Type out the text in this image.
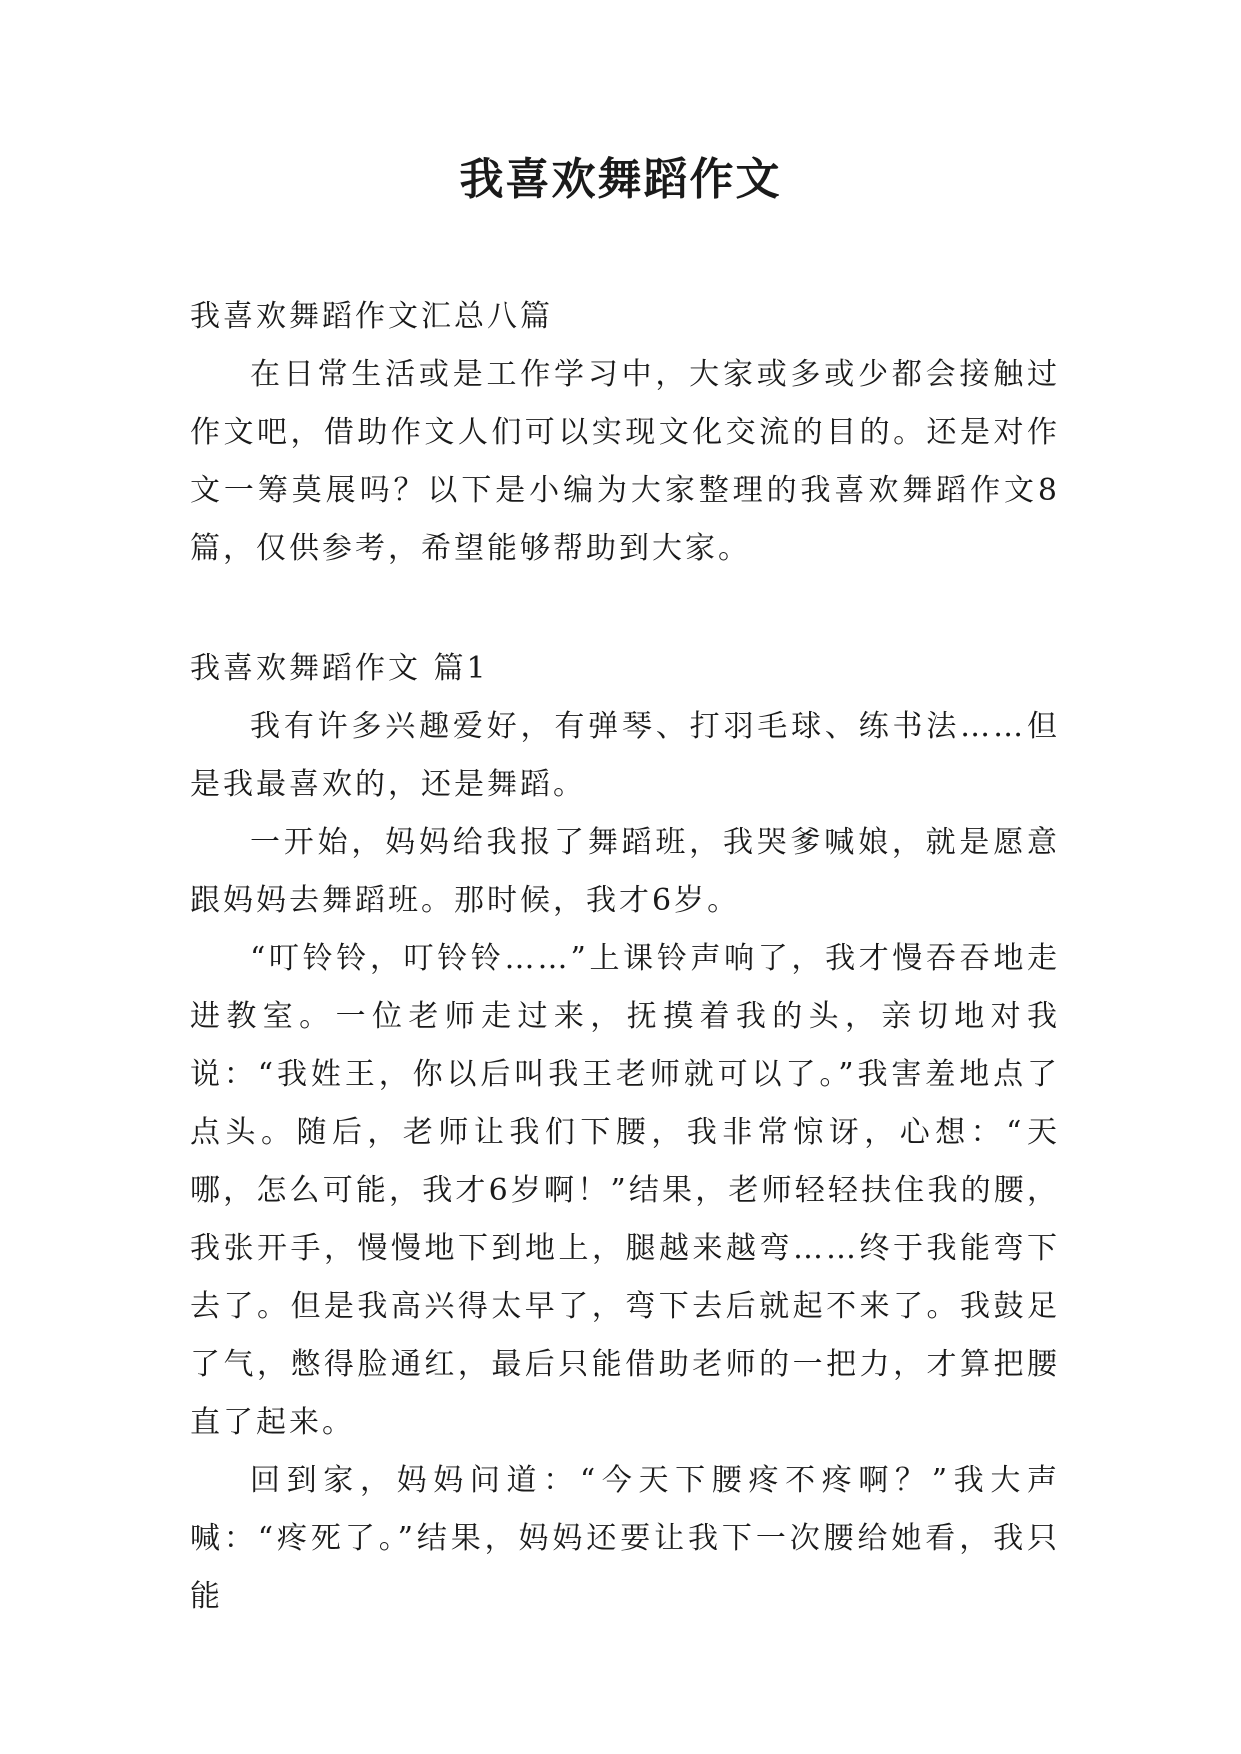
我喜欢舞蹈作文
我喜欢舞蹈作文汇总八篇

在日常生活或是工作学习中，大家或多或少都会接触过作文吧，借助作文人们可以实现文化交流的目的。还是对作文一筹莫展吗？以下是小编为大家整理的我喜欢舞蹈作文8篇，仅供参考，希望能够帮助到大家。

我喜欢舞蹈作文 篇1

我有许多兴趣爱好，有弹琴、打羽毛球、练书法……但是我最喜欢的，还是舞蹈。

一开始，妈妈给我报了舞蹈班，我哭爹喊娘，就是愿意跟妈妈去舞蹈班。那时候，我才6岁。

“叮铃铃，叮铃铃……”上课铃声响了，我才慢吞吞地走进教室。一位老师走过来，抚摸着我的头，亲切地对我说：“我姓王，你以后叫我王老师就可以了。”我害羞地点了点头。随后，老师让我们下腰，我非常惊讶，心想：“天哪，怎么可能，我才6岁啊！”结果，老师轻轻扶住我的腰，我张开手，慢慢地下到地上，腿越来越弯……终于我能弯下去了。但是我高兴得太早了，弯下去后就起不来了。我鼓足了气，憋得脸通红，最后只能借助老师的一把力，才算把腰直了起来。

回到家，妈妈问道：“今天下腰疼不疼啊？”我大声喊：“疼死了。”结果，妈妈还要让我下一次腰给她看，我只能
